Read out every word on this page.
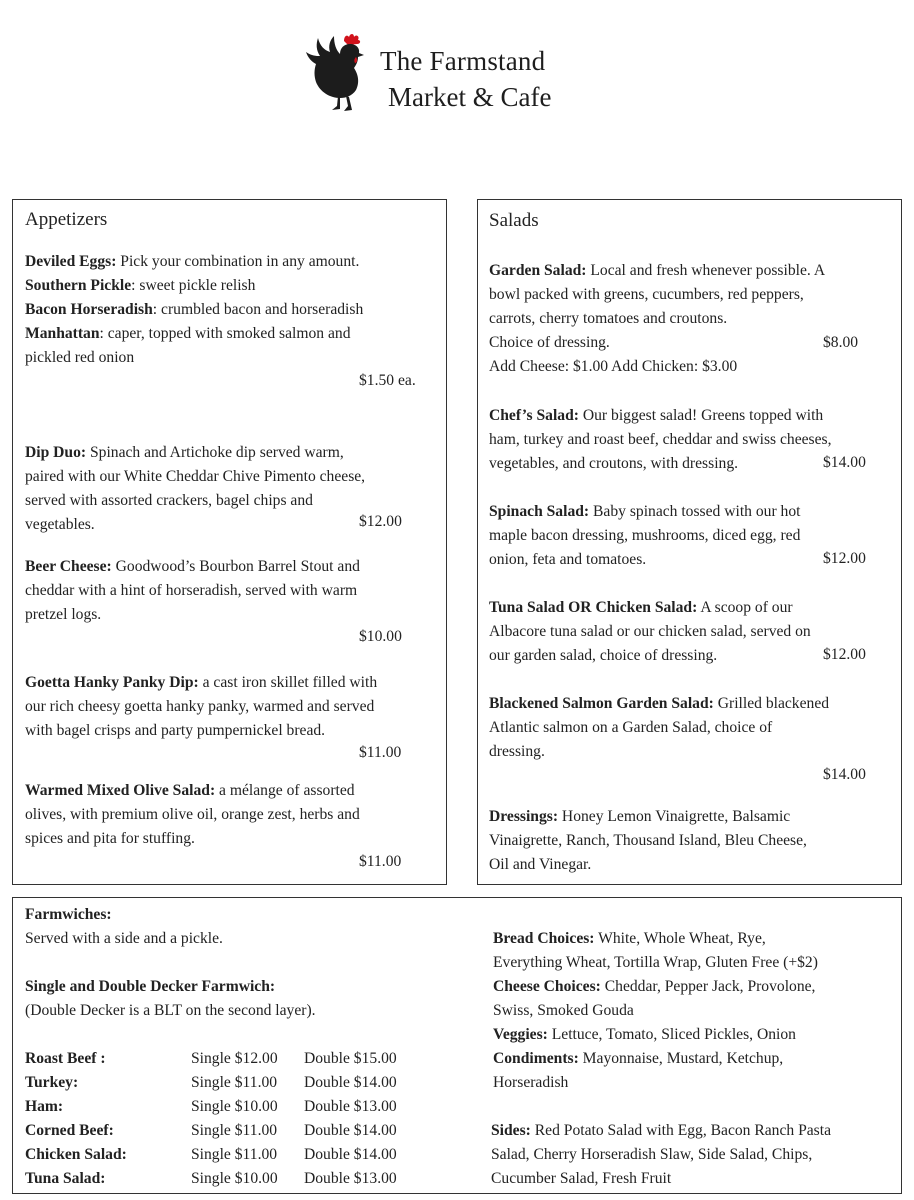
The Farmstand
Market & Cafe
Appetizers
Deviled Eggs: Pick your combination in any amount.
Southern Pickle: sweet pickle relish
Bacon Horseradish: crumbled bacon and horseradish
Manhattan: caper, topped with smoked salmon and
pickled red onion
$1.50 ea.
Dip Duo: Spinach and Artichoke dip served warm,
paired with our White Cheddar Chive Pimento cheese,
served with assorted crackers, bagel chips and
vegetables.	$12.00
Beer Cheese: Goodwood’s Bourbon Barrel Stout and
cheddar with a hint of horseradish, served with warm
pretzel logs.
$10.00
Goetta Hanky Panky Dip: a cast iron skillet filled with
our rich cheesy goetta hanky panky, warmed and served
with bagel crisps and party pumpernickel bread.
$11.00
Warmed Mixed Olive Salad: a mélange of assorted
olives, with premium olive oil, orange zest, herbs and
spices and pita for stuffing.
$11.00
Salads
Garden Salad: Local and fresh whenever possible. A
bowl packed with greens, cucumbers, red peppers,
carrots, cherry tomatoes and croutons.
Choice of dressing.
Add Cheese: $1.00 Add Chicken: $3.00
$8.00
Chef’s Salad: Our biggest salad! Greens topped with
ham, turkey and roast beef, cheddar and swiss cheeses,
vegetables, and croutons, with dressing.	$14.00
Spinach Salad: Baby spinach tossed with our hot
maple bacon dressing, mushrooms, diced egg, red
onion, feta and tomatoes.	$12.00
Tuna Salad OR Chicken Salad: A scoop of our
Albacore tuna salad or our chicken salad, served on
our garden salad, choice of dressing.	$12.00
Blackened Salmon Garden Salad: Grilled blackened
Atlantic salmon on a Garden Salad, choice of
dressing.
$14.00
Dressings: Honey Lemon Vinaigrette, Balsamic
Vinaigrette, Ranch, Thousand Island, Bleu Cheese,
Oil and Vinegar.
Farmwiches:
Served with a side and a pickle.

Single and Double Decker Farmwich:
(Double Decker is a BLT on the second layer).
Roast Beef :	Single $12.00 Double $15.00
Turkey:	Single $11.00 Double $14.00
Ham:	Single $10.00 Double $13.00
Corned Beef:	Single $11.00 Double $14.00
Chicken Salad:	Single $11.00 Double $14.00
Tuna Salad:	Single $10.00 Double $13.00
Bread Choices: White, Whole Wheat, Rye,
Everything Wheat, Tortilla Wrap, Gluten Free (+$2)
Cheese Choices: Cheddar, Pepper Jack, Provolone,
Swiss, Smoked Gouda
Veggies: Lettuce, Tomato, Sliced Pickles, Onion
Condiments: Mayonnaise, Mustard, Ketchup,
Horseradish
Sides: Red Potato Salad with Egg, Bacon Ranch Pasta
Salad, Cherry Horseradish Slaw, Side Salad, Chips,
Cucumber Salad, Fresh Fruit
